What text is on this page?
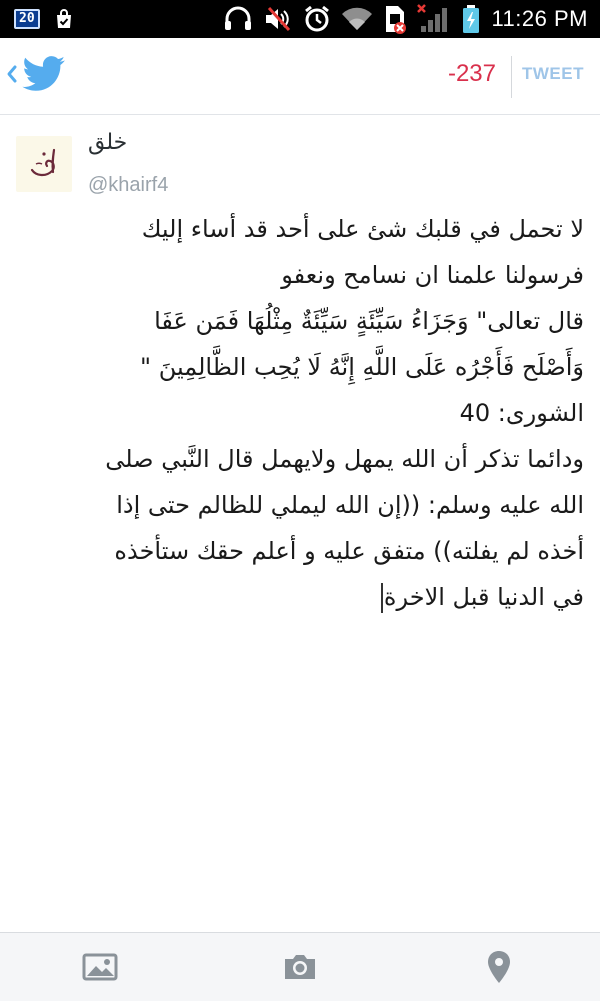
20	11:26 PM
-237 TWEET
خلق
@khairf4
لا تحمل في قلبك شئ على أحد قد أساء إليك
فرسولنا علمنا ان نسامح ونعفو
قال تعالى" وَجَزَاءُ سَيِّئَةٍ سَيِّئَةٌ مِثْلُهَا فَمَن عَفَا
وَأَصْلَح فَأَجْرُه عَلَى اللَّهِ إِنَّهُ لَا يُحِب الظَّالِمِينَ "
الشورى: 40
ودائما تذكر أن الله يمهل ولايهمل قال النَّبي صلى
الله عليه وسلم: ((إن الله ليملي للظالم حتى إذا
أخذه لم يفلته)) متفق عليه و أعلم حقك ستأخذه
في الدنيا قبل الاخرة
